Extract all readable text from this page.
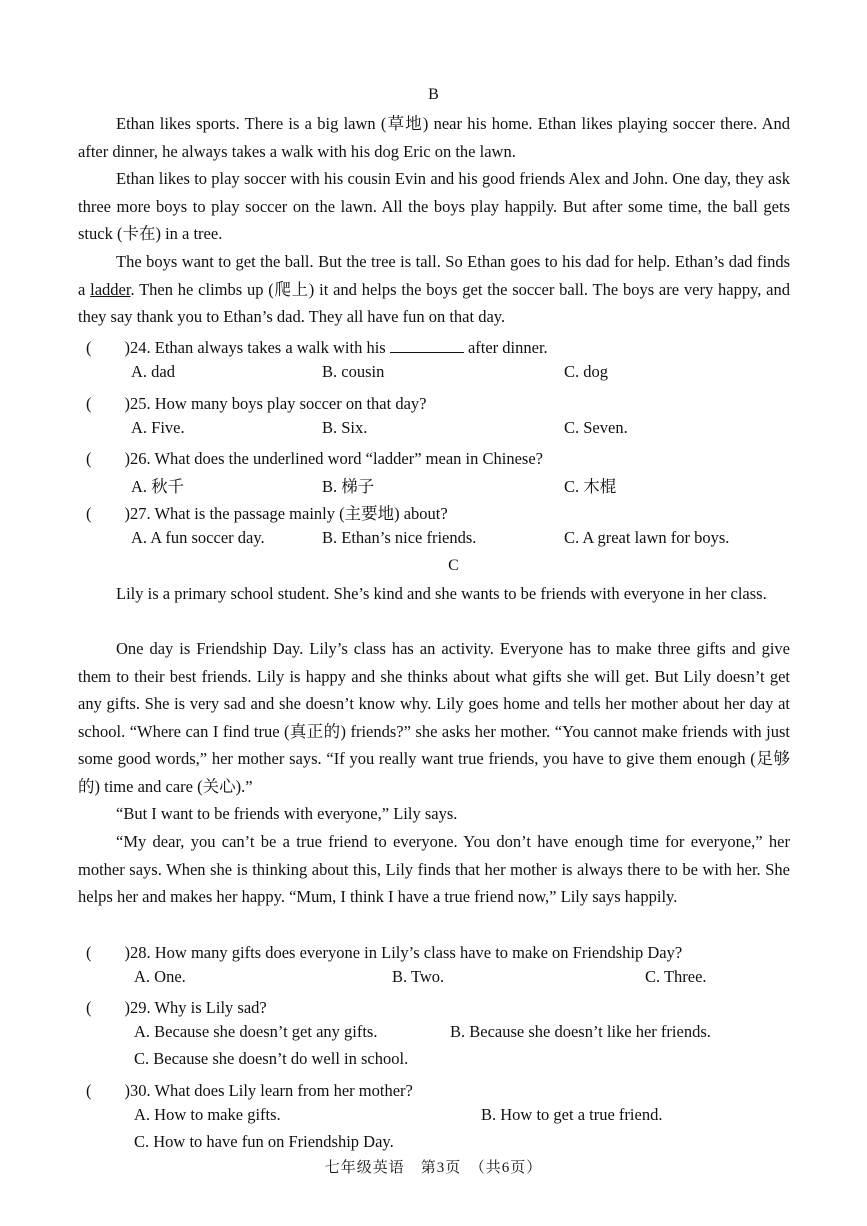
B
Ethan likes sports. There is a big lawn (草地) near his home. Ethan likes playing soccer there. And after dinner, he always takes a walk with his dog Eric on the lawn.
Ethan likes to play soccer with his cousin Evin and his good friends Alex and John. One day, they ask three more boys to play soccer on the lawn. All the boys play happily. But after some time, the ball gets stuck (卡在) in a tree.
The boys want to get the ball. But the tree is tall. So Ethan goes to his dad for help. Ethan’s dad finds a ladder. Then he climbs up (爬上) it and helps the boys get the soccer ball. The boys are very happy, and they say thank you to Ethan’s dad. They all have fun on that day.
(　　)24. Ethan always takes a walk with his	after dinner.
A. dad	B. cousin	C. dog
(　　)25. How many boys play soccer on that day?
A. Five.	B. Six.	C. Seven.
(　　)26. What does the underlined word “ladder” mean in Chinese?
A. 秋千	B. 梯子	C. 木棍
(　　)27. What is the passage mainly (主要地) about?
A. A fun soccer day.	B. Ethan’s nice friends.	C. A great lawn for boys.
C
Lily is a primary school student. She’s kind and she wants to be friends with everyone in her class.
One day is Friendship Day. Lily’s class has an activity. Everyone has to make three gifts and give them to their best friends. Lily is happy and she thinks about what gifts she will get. But Lily doesn’t get any gifts. She is very sad and she doesn’t know why. Lily goes home and tells her mother about her day at school. “Where can I find true (真正的) friends?” she asks her mother. “You cannot make friends with just some good words,” her mother says. “If you really want true friends, you have to give them enough (足够的) time and care (关心).”
“But I want to be friends with everyone,” Lily says.
“My dear, you can’t be a true friend to everyone. You don’t have enough time for everyone,” her mother says. When she is thinking about this, Lily finds that her mother is always there to be with her. She helps her and makes her happy. “Mum, I think I have a true friend now,” Lily says happily.
(　　)28. How many gifts does everyone in Lily’s class have to make on Friendship Day?
A. One.	B. Two.	C. Three.
(　　)29. Why is Lily sad?
A. Because she doesn’t get any gifts.	B. Because she doesn’t like her friends.
C. Because she doesn’t do well in school.
(　　)30. What does Lily learn from her mother?
A. How to make gifts.	B. How to get a true friend.
C. How to have fun on Friendship Day.
七年级英语　第3页　（共6页）
